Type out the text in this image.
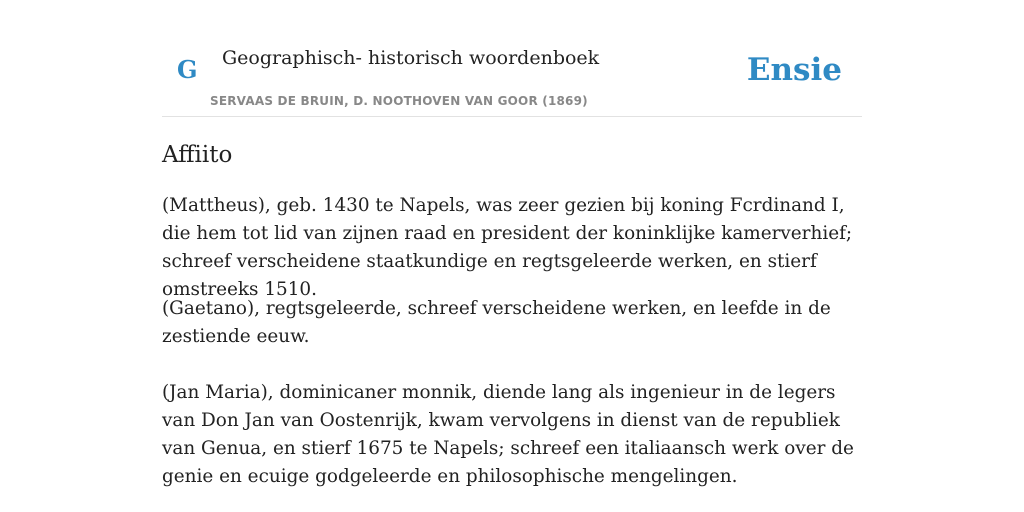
G Geographisch- historisch woordenboek
SERVAAS DE BRUIN, D. NOOTHOVEN VAN GOOR (1869)
Ensie
Affiito

(Mattheus), geb. 1430 te Napels, was zeer gezien bij koning Fcrdinand I, die hem tot lid van zijnen raad en president der koninklijke kamerverhief; schreef verscheidene staatkundige en regtsgeleerde werken, en stierf omstreeks 1510.

(Gaetano), regtsgeleerde, schreef verscheidene werken, en leefde in de zestiende eeuw.

(Jan Maria), dominicaner monnik, diende lang als ingenieur in de legers van Don Jan van Oostenrijk, kwam vervolgens in dienst van de republiek van Genua, en stierf 1675 te Napels; schreef een italiaansch werk over de genie en ecuige godgeleerde en philosophische mengelingen.
